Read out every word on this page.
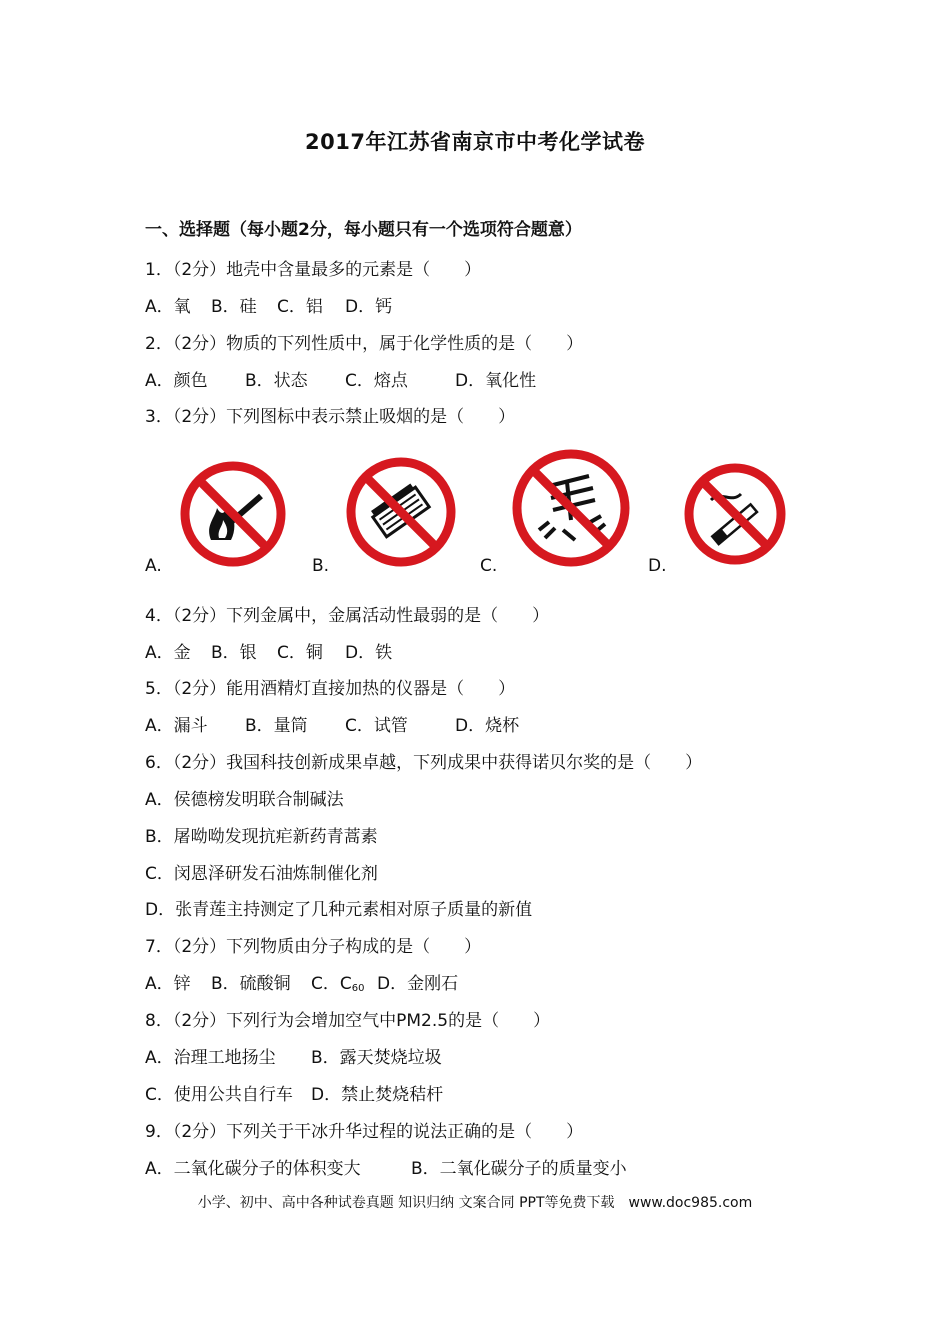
2017年江苏省南京市中考化学试卷
一、选择题（每小题2分，每小题只有一个选项符合题意）
1．（2分）地壳中含量最多的元素是（　　）
A．氧 B．硅 C．铝 D．钙
2．（2分）物质的下列性质中，属于化学性质的是（　　）
A．颜色 B．状态 C．熔点	D．氧化性
3．（2分）下列图标中表示禁止吸烟的是（　　）
A.	B.	C.	D.
4．（2分）下列金属中，金属活动性最弱的是（　　）
A．金 B．银 C．铜 D．铁
5．（2分）能用酒精灯直接加热的仪器是（　　）
A．漏斗 B．量筒 C．试管	D．烧杯
6．（2分）我国科技创新成果卓越，下列成果中获得诺贝尔奖的是（　　）
A．侯德榜发明联合制碱法
B．屠呦呦发现抗疟新药青蒿素
C．闵恩泽研发石油炼制催化剂
D．张青莲主持测定了几种元素相对原子质量的新值
7．（2分）下列物质由分子构成的是（　　）
A．锌 B．硫酸铜 C．$C_{60}$ D．金刚石
8．（2分）下列行为会增加空气中PM2.5的是（　　）
A．治理工地扬尘 B．露天焚烧垃圾
C．使用公共自行车 D．禁止焚烧秸杆
9．（2分）下列关于干冰升华过程的说法正确的是（　　）
A．二氧化碳分子的体积变大	B．二氧化碳分子的质量变小
小学、初中、高中各种试卷真题 知识归纳 文案合同 PPT等免费下载　www.doc985.com
